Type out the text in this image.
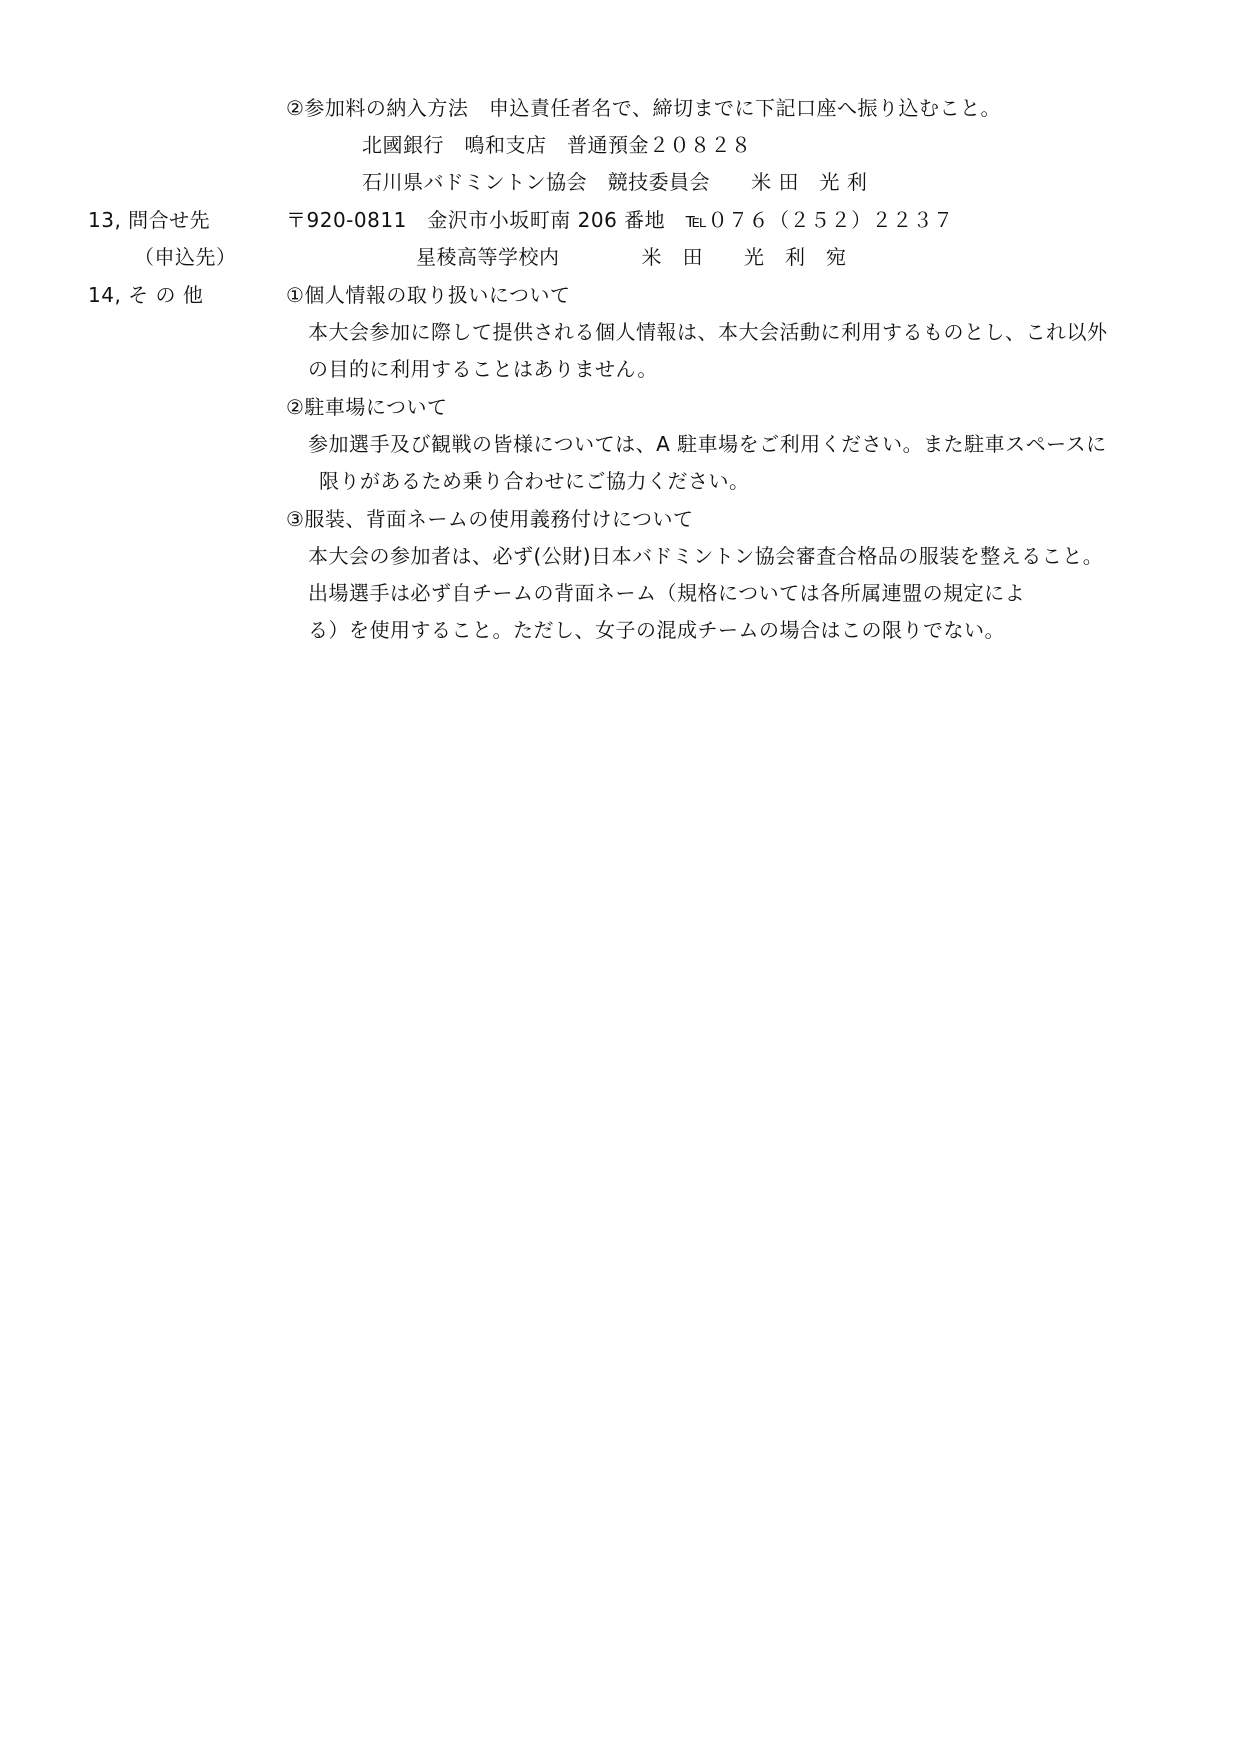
②参加料の納入方法　申込責任者名で、締切までに下記口座へ振り込むこと。
北國銀行　鳴和支店　普通預金２０８２８
石川県バドミントン協会　競技委員会　　米 田　光 利
13, 問合せ先	〒920-0811　金沢市小坂町南 206 番地　℡０７６（２５２）２２３７
（申込先）	星稜高等学校内　　　　米　田　　光　利　宛
14, そ の 他	①個人情報の取り扱いについて
本大会参加に際して提供される個人情報は、本大会活動に利用するものとし、これ以外
の目的に利用することはありません。
②駐車場について
参加選手及び観戦の皆様については、A 駐車場をご利用ください。また駐車スペースに
限りがあるため乗り合わせにご協力ください。
③服装、背面ネームの使用義務付けについて
本大会の参加者は、必ず(公財)日本バドミントン協会審査合格品の服装を整えること。
出場選手は必ず自チームの背面ネーム（規格については各所属連盟の規定によ
る）を使用すること。ただし、女子の混成チームの場合はこの限りでない。
